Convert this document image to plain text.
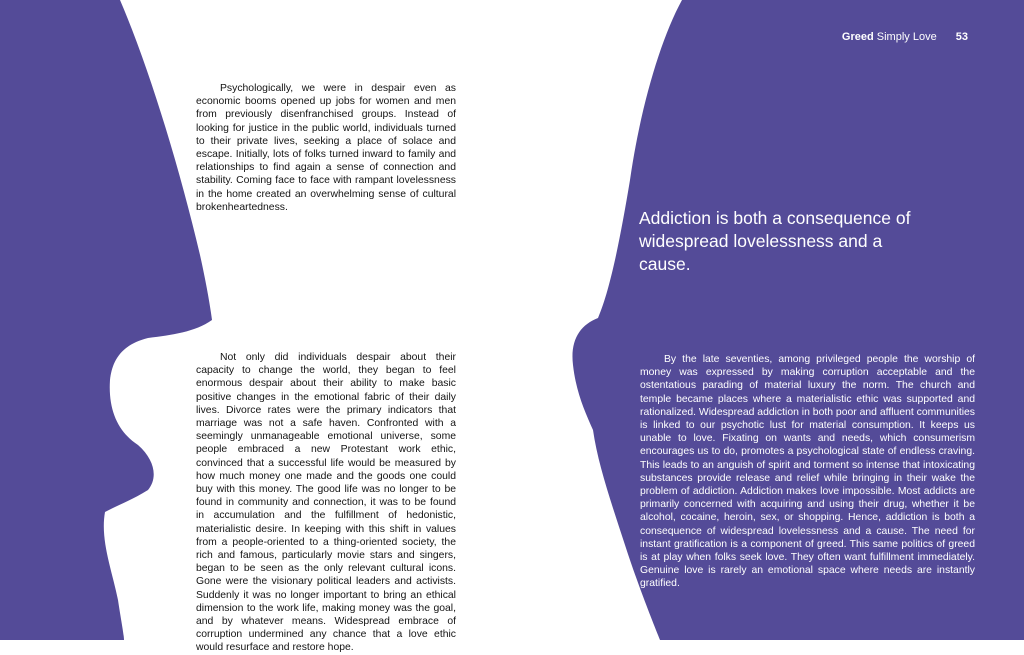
Greed Simply Love 53

Psychologically, we were in despair even as economic booms opened up jobs for women and men from previously disenfranchised groups. Instead of looking for justice in the public world, individuals turned to their private lives, seeking a place of solace and escape. Initially, lots of folks turned inward to family and relationships to find again a sense of connection and stability. Coming face to face with rampant lovelessness in the home created an overwhelming sense of cultural brokenheartedness.

Not only did individuals despair about their capacity to change the world, they began to feel enormous despair about their ability to make basic positive changes in the emotional fabric of their daily lives. Divorce rates were the primary indicators that marriage was not a safe haven. Confronted with a seemingly unmanageable emotional universe, some people embraced a new Protestant work ethic, convinced that a successful life would be measured by how much money one made and the goods one could buy with this money. The good life was no longer to be found in community and connection, it was to be found in accumulation and the fulfillment of hedonistic, materialistic desire. In keeping with this shift in values from a people-oriented to a thing-oriented society, the rich and famous, particularly movie stars and singers, began to be seen as the only relevant cultural icons. Gone were the visionary political leaders and activists. Suddenly it was no longer important to bring an ethical dimension to the work life, making money was the goal, and by whatever means. Widespread embrace of corruption undermined any chance that a love ethic would resurface and restore hope.

Addiction is both a consequence of widespread lovelessness and a cause.

By the late seventies, among privileged people the worship of money was expressed by making corruption acceptable and the ostentatious parading of material luxury the norm. The church and temple became places where a materialistic ethic was supported and rationalized. Widespread addiction in both poor and affluent communities is linked to our psychotic lust for material consumption. It keeps us unable to love. Fixating on wants and needs, which consumerism encourages us to do, promotes a psychological state of endless craving. This leads to an anguish of spirit and torment so intense that intoxicating substances provide release and relief while bringing in their wake the problem of addiction. Addiction makes love impossible. Most addicts are primarily concerned with acquiring and using their drug, whether it be alcohol, cocaine, heroin, sex, or shopping. Hence, addiction is both a consequence of widespread lovelessness and a cause. The need for instant gratification is a component of greed. This same politics of greed is at play when folks seek love. They often want fulfillment immediately. Genuine love is rarely an emotional space where needs are instantly gratified.
